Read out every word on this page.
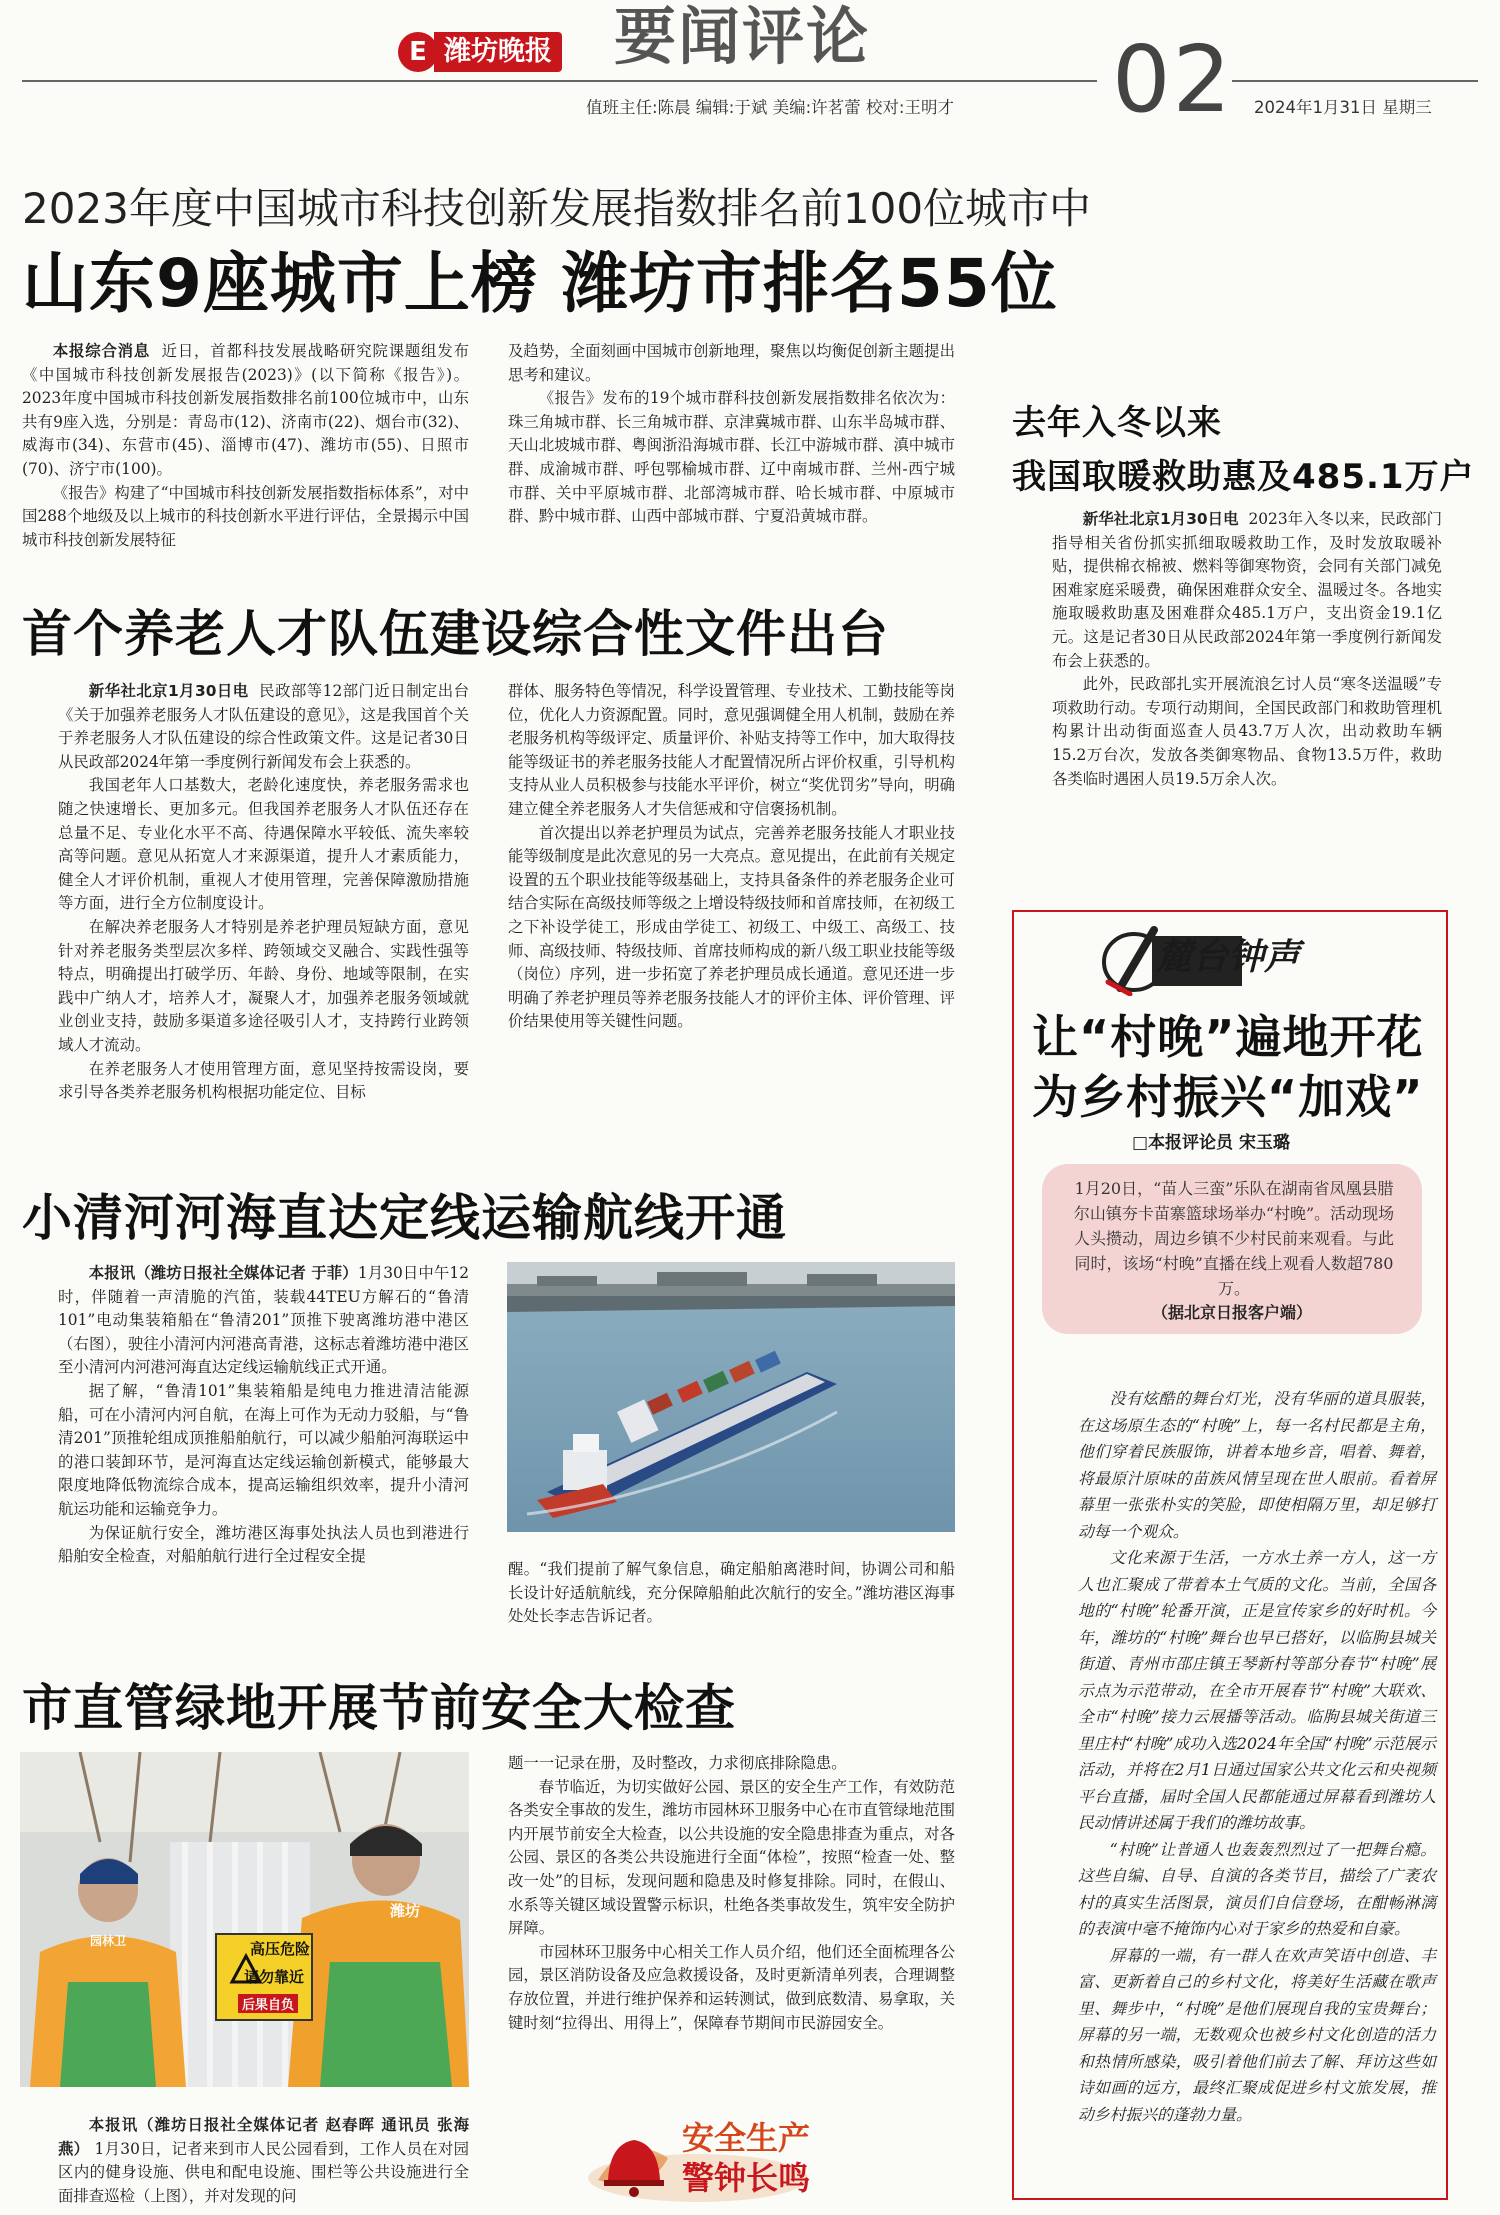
E 潍坊晚报 要闻评论	02
值班主任:陈晨 编辑:于斌 美编:许茗蕾 校对:王明才	2024年1月31日 星期三
2023年度中国城市科技创新发展指数排名前100位城市中
山东9座城市上榜 潍坊市排名55位

本报综合消息 近日，首都科技发展战略研究院课题组发布《中国城市科技创新发展报告(2023)》(以下简称《报告》)。2023年度中国城市科技创新发展指数排名前100位城市中，山东共有9座入选，分别是：青岛市(12)、济南市(22)、烟台市(32)、威海市(34)、东营市(45)、淄博市(47)、潍坊市(55)、日照市(70)、济宁市(100)。

《报告》构建了“中国城市科技创新发展指数指标体系”，对中国288个地级及以上城市的科技创新水平进行评估，全景揭示中国城市科技创新发展特征

及趋势，全面刻画中国城市创新地理，聚焦以均衡促创新主题提出思考和建议。

《报告》发布的19个城市群科技创新发展指数排名依次为：珠三角城市群、长三角城市群、京津冀城市群、山东半岛城市群、天山北坡城市群、粤闽浙沿海城市群、长江中游城市群、滇中城市群、成渝城市群、呼包鄂榆城市群、辽中南城市群、兰州-西宁城市群、关中平原城市群、北部湾城市群、哈长城市群、中原城市群、黔中城市群、山西中部城市群、宁夏沿黄城市群。

去年入冬以来
我国取暖救助惠及485.1万户

新华社北京1月30日电 2023年入冬以来，民政部门指导相关省份抓实抓细取暖救助工作，及时发放取暖补贴，提供棉衣棉被、燃料等御寒物资，会同有关部门减免困难家庭采暖费，确保困难群众安全、温暖过冬。各地实施取暖救助惠及困难群众485.1万户，支出资金19.1亿元。这是记者30日从民政部2024年第一季度例行新闻发布会上获悉的。

此外，民政部扎实开展流浪乞讨人员“寒冬送温暖”专项救助行动。专项行动期间，全国民政部门和救助管理机构累计出动街面巡查人员43.7万人次，出动救助车辆15.2万台次，发放各类御寒物品、食物13.5万件，救助各类临时遇困人员19.5万余人次。

首个养老人才队伍建设综合性文件出台

新华社北京1月30日电 民政部等12部门近日制定出台《关于加强养老服务人才队伍建设的意见》，这是我国首个关于养老服务人才队伍建设的综合性政策文件。这是记者30日从民政部2024年第一季度例行新闻发布会上获悉的。

我国老年人口基数大，老龄化速度快，养老服务需求也随之快速增长、更加多元。但我国养老服务人才队伍还存在总量不足、专业化水平不高、待遇保障水平较低、流失率较高等问题。意见从拓宽人才来源渠道，提升人才素质能力，健全人才评价机制，重视人才使用管理，完善保障激励措施等方面，进行全方位制度设计。

在解决养老服务人才特别是养老护理员短缺方面，意见针对养老服务类型层次多样、跨领域交叉融合、实践性强等特点，明确提出打破学历、年龄、身份、地域等限制，在实践中广纳人才，培养人才，凝聚人才，加强养老服务领域就业创业支持，鼓励多渠道多途径吸引人才，支持跨行业跨领域人才流动。

在养老服务人才使用管理方面，意见坚持按需设岗，要求引导各类养老服务机构根据功能定位、目标

群体、服务特色等情况，科学设置管理、专业技术、工勤技能等岗位，优化人力资源配置。同时，意见强调健全用人机制，鼓励在养老服务机构等级评定、质量评价、补贴支持等工作中，加大取得技能等级证书的养老服务技能人才配置情况所占评价权重，引导机构支持从业人员积极参与技能水平评价，树立“奖优罚劣”导向，明确建立健全养老服务人才失信惩戒和守信褒扬机制。

首次提出以养老护理员为试点，完善养老服务技能人才职业技能等级制度是此次意见的另一大亮点。意见提出，在此前有关规定设置的五个职业技能等级基础上，支持具备条件的养老服务企业可结合实际在高级技师等级之上增设特级技师和首席技师，在初级工之下补设学徒工，形成由学徒工、初级工、中级工、高级工、技师、高级技师、特级技师、首席技师构成的新八级工职业技能等级（岗位）序列，进一步拓宽了养老护理员成长通道。意见还进一步明确了养老护理员等养老服务技能人才的评价主体、评价管理、评价结果使用等关键性问题。

小清河河海直达定线运输航线开通

本报讯（潍坊日报社全媒体记者 于菲）1月30日中午12时，伴随着一声清脆的汽笛，装载44TEU方解石的“鲁清101”电动集装箱船在“鲁清201”顶推下驶离潍坊港中港区（右图），驶往小清河内河港高青港，这标志着潍坊港中港区至小清河内河港河海直达定线运输航线正式开通。

据了解，“鲁清101”集装箱船是纯电力推进清洁能源船，可在小清河内河自航，在海上可作为无动力驳船，与“鲁清201”顶推轮组成顶推船舶航行，可以减少船舶河海联运中的港口装卸环节，是河海直达定线运输创新模式，能够最大限度地降低物流综合成本，提高运输组织效率，提升小清河航运功能和运输竞争力。

为保证航行安全，潍坊港区海事处执法人员也到港进行船舶安全检查，对船舶航行进行全过程安全提

醒。“我们提前了解气象信息，确定船舶离港时间，协调公司和船长设计好适航航线，充分保障船舶此次航行的安全。”潍坊港区海事处处长李志告诉记者。

市直管绿地开展节前安全大检查
高压危险
请勿靠近
后果自负
潍坊
园林卫

本报讯（潍坊日报社全媒体记者 赵春晖 通讯员 张海燕） 1月30日，记者来到市人民公园看到，工作人员在对园区内的健身设施、供电和配电设施、围栏等公共设施进行全面排查巡检（上图），并对发现的问

题一一记录在册，及时整改，力求彻底排除隐患。

春节临近，为切实做好公园、景区的安全生产工作，有效防范各类安全事故的发生，潍坊市园林环卫服务中心在市直管绿地范围内开展节前安全大检查，以公共设施的安全隐患排查为重点，对各公园、景区的各类公共设施进行全面“体检”，按照“检查一处、整改一处”的目标，发现问题和隐患及时修复排除。同时，在假山、水系等关键区域设置警示标识，杜绝各类事故发生，筑牢安全防护屏障。

市园林环卫服务中心相关工作人员介绍，他们还全面梳理各公园，景区消防设备及应急救援设备，及时更新清单列表，合理调整存放位置，并进行维护保养和运转测试，做到底数清、易拿取，关键时刻“拉得出、用得上”，保障春节期间市民游园安全。

安全生产
警钟长鸣
麓台钟声
让“村晚”遍地开花
为乡村振兴“加戏”
□本报评论员 宋玉璐
1月20日，“苗人三蛮”乐队在湖南省凤凰县腊尔山镇夯卡苗寨篮球场举办“村晚”。活动现场人头攒动，周边乡镇不少村民前来观看。与此同时，该场“村晚”直播在线上观看人数超780万。
（据北京日报客户端）

没有炫酷的舞台灯光，没有华丽的道具服装，在这场原生态的“村晚”上，每一名村民都是主角，他们穿着民族服饰，讲着本地乡音，唱着、舞着，将最原汁原味的苗族风情呈现在世人眼前。看着屏幕里一张张朴实的笑脸，即使相隔万里，却足够打动每一个观众。

文化来源于生活，一方水土养一方人，这一方人也汇聚成了带着本土气质的文化。当前，全国各地的“村晚”轮番开演，正是宣传家乡的好时机。今年，潍坊的“村晚”舞台也早已搭好，以临朐县城关街道、青州市邵庄镇王琴新村等部分春节“村晚”展示点为示范带动，在全市开展春节“村晚”大联欢、全市“村晚”接力云展播等活动。临朐县城关街道三里庄村“村晚”成功入选2024年全国“村晚”示范展示活动，并将在2月1日通过国家公共文化云和央视频平台直播，届时全国人民都能通过屏幕看到潍坊人民动情讲述属于我们的潍坊故事。

“村晚”让普通人也轰轰烈烈过了一把舞台瘾。这些自编、自导、自演的各类节目，描绘了广袤农村的真实生活图景，演员们自信登场，在酣畅淋漓的表演中毫不掩饰内心对于家乡的热爱和自豪。

屏幕的一端，有一群人在欢声笑语中创造、丰富、更新着自己的乡村文化，将美好生活藏在歌声里、舞步中，“村晚”是他们展现自我的宝贵舞台；屏幕的另一端，无数观众也被乡村文化创造的活力和热情所感染，吸引着他们前去了解、拜访这些如诗如画的远方，最终汇聚成促进乡村文旅发展，推动乡村振兴的蓬勃力量。
